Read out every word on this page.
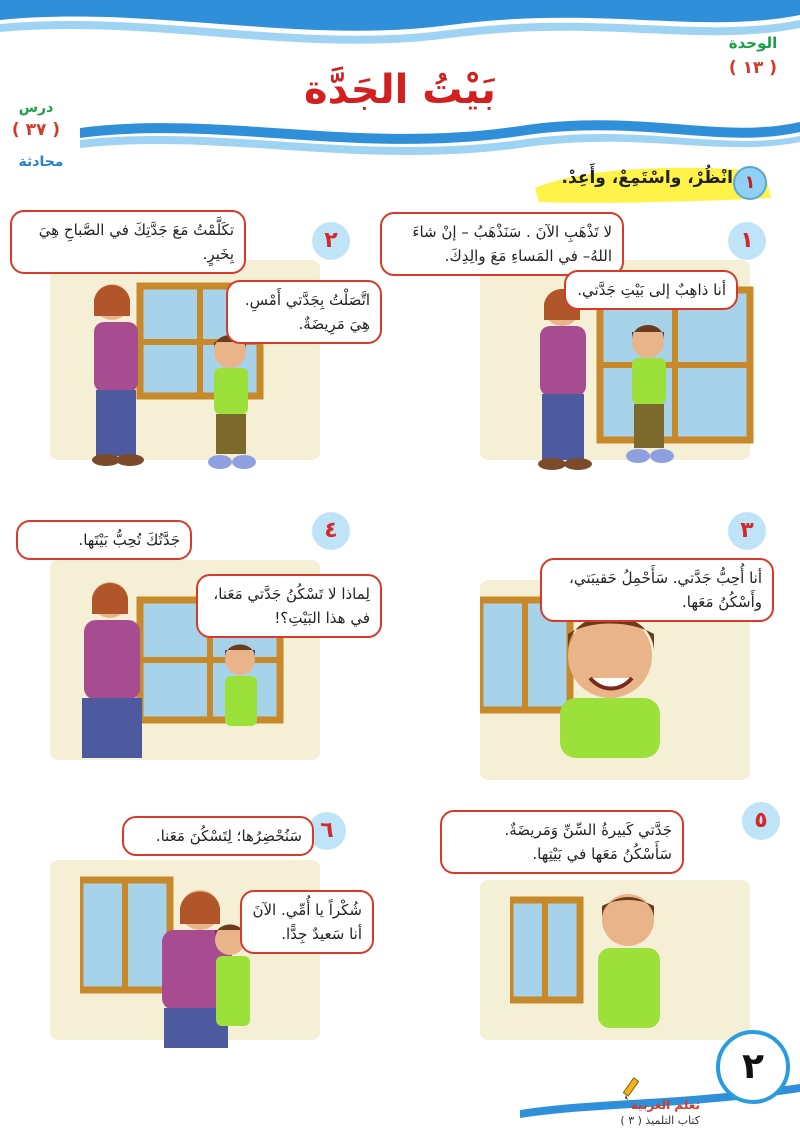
الوحدة
( ١٣ )
درس
( ٣٧ )
محادثة
بَيْتُ الجَدَّة
انْظُرْ، واسْتَمِعْ، وأَعِدْ. ١
١
لا تَذْهَبِ الآنَ . سَنَذْهَبُ – إنْ شاءَ اللهُ– في المَساءِ مَعَ والِدِكَ.
أنا ذاهِبٌ إلى بَيْتِ جَدَّتي.
٢
تكَلَّمْتُ مَعَ جَدَّتِكَ في الصَّباحِ هِيَ بِخَيرٍ.
اتَّصَلْتُ بِجَدَّتي أَمْسِ. هِيَ مَرِيضَةٌ.
٣
أنا أُحِبُّ جَدَّتي. سَأَحْمِلُ حَقيبَتي، وأَسْكُنُ مَعَها.
٤
جَدَّتُكَ تُحِبُّ بَيْتَها.
لِماذا لا تَسْكُنُ جَدَّتي مَعَنا، في هذا البَيْتِ؟!
٥
جَدَّتي كَبيرةُ السِّنِّ وَمَريضَةٌ. سَأَسْكُنُ مَعَها في بَيْتِها.
٦
سَنُحْضِرُها؛ لِتَسْكُنَ مَعَنا.
شُكْراً يا أُمِّي. الآنَ أنا سَعيدٌ جِدًّا.
٢
تعلم العربية
كتاب التلميذ ( ٣ )
